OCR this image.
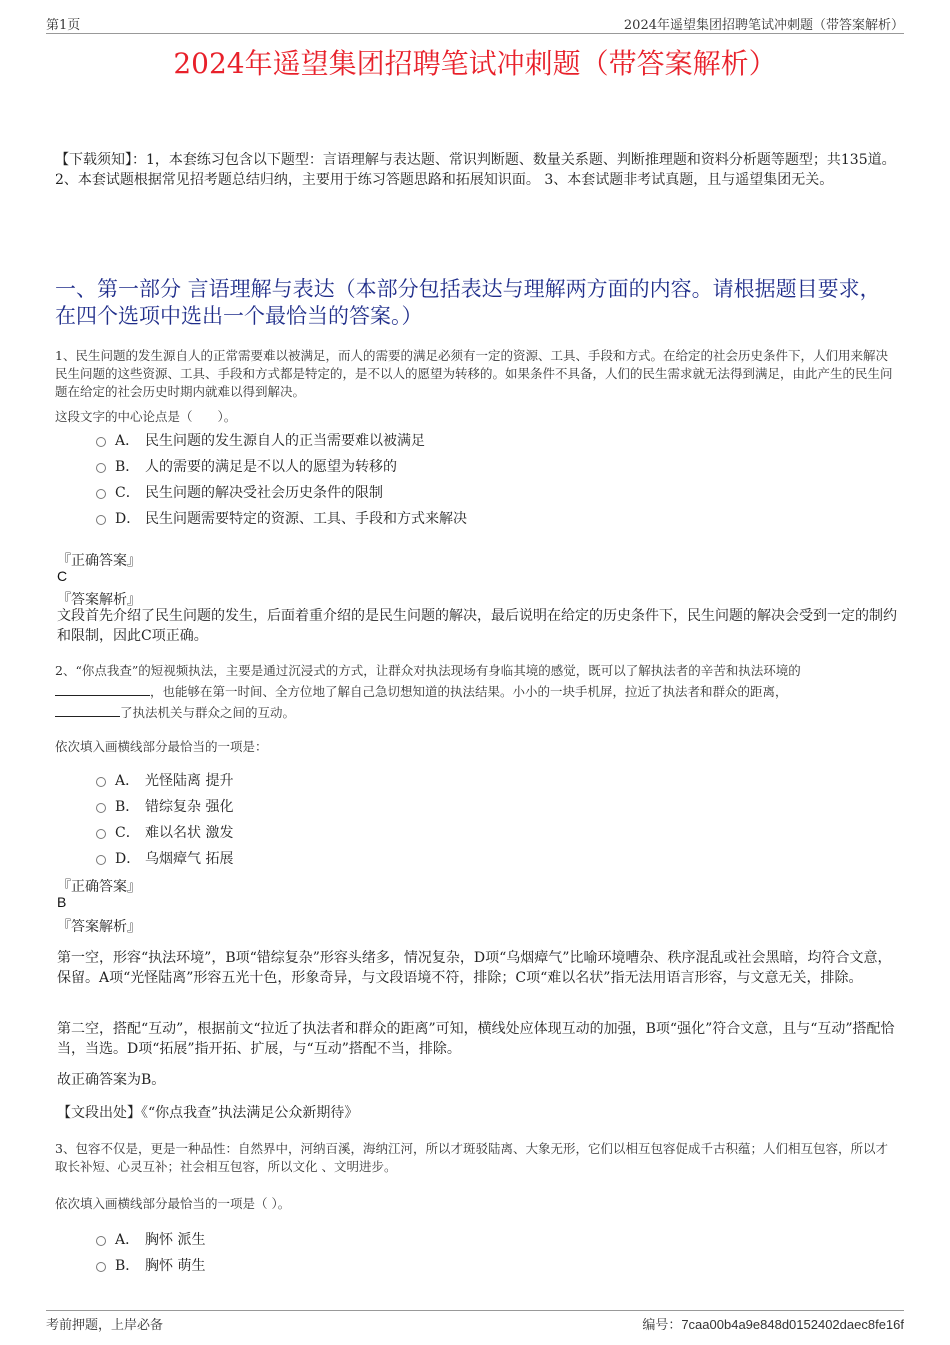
第1页	2024年遥望集团招聘笔试冲刺题（带答案解析）
2024年遥望集团招聘笔试冲刺题（带答案解析）
【下载须知】：1，本套练习包含以下题型：言语理解与表达题、常识判断题、数量关系题、判断推理题和资料分析题等题型；共135道。 2、本套试题根据常见招考题总结归纳，主要用于练习答题思路和拓展知识面。 3、本套试题非考试真题，且与遥望集团无关。
一、第一部分 言语理解与表达（本部分包括表达与理解两方面的内容。请根据题目要求，在四个选项中选出一个最恰当的答案。）
1、民生问题的发生源自人的正常需要难以被满足，而人的需要的满足必须有一定的资源、工具、手段和方式。在给定的社会历史条件下，人们用来解决民生问题的这些资源、工具、手段和方式都是特定的，是不以人的愿望为转移的。如果条件不具备，人们的民生需求就无法得到满足，由此产生的民生问题在给定的社会历史时期内就难以得到解决。
这段文字的中心论点是（　　）。
A． 民生问题的发生源自人的正当需要难以被满足
B． 人的需要的满足是不以人的愿望为转移的
C． 民生问题的解决受社会历史条件的限制
D． 民生问题需要特定的资源、工具、手段和方式来解决
『正确答案』
C
『答案解析』
文段首先介绍了民生问题的发生，后面着重介绍的是民生问题的解决，最后说明在给定的历史条件下，民生问题的解决会受到一定的制约和限制，因此C项正确。
2、“你点我查”的短视频执法，主要是通过沉浸式的方式，让群众对执法现场有身临其境的感觉，既可以了解执法者的辛苦和执法环境的
，也能够在第一时间、全方位地了解自己急切想知道的执法结果。小小的一块手机屏，拉近了执法者和群众的距离，
了执法机关与群众之间的互动。
依次填入画横线部分最恰当的一项是：
A． 光怪陆离 提升
B． 错综复杂 强化
C． 难以名状 激发
D． 乌烟瘴气 拓展
『正确答案』
B
『答案解析』
第一空，形容“执法环境”，B项“错综复杂”形容头绪多，情况复杂，D项“乌烟瘴气”比喻环境嘈杂、秩序混乱或社会黑暗，均符合文意，保留。A项“光怪陆离”形容五光十色，形象奇异，与文段语境不符，排除；C项“难以名状”指无法用语言形容，与文意无关，排除。
第二空，搭配“互动”，根据前文“拉近了执法者和群众的距离”可知，横线处应体现互动的加强，B项“强化”符合文意，且与“互动”搭配恰当，当选。D项“拓展”指开拓、扩展，与“互动”搭配不当，排除。
故正确答案为B。
【文段出处】《“你点我查”执法满足公众新期待》
3、包容不仅是，更是一种品性：自然界中，河纳百溪，海纳江河，所以才斑驳陆离、大象无形，它们以相互包容促成千古积蕴；人们相互包容，所以才取长补短、心灵互补；社会相互包容，所以文化 、文明进步。
依次填入画横线部分最恰当的一项是（ ）。
A． 胸怀 派生
B． 胸怀 萌生
考前押题，上岸必备	编号：7caa00b4a9e848d0152402daec8fe16f
